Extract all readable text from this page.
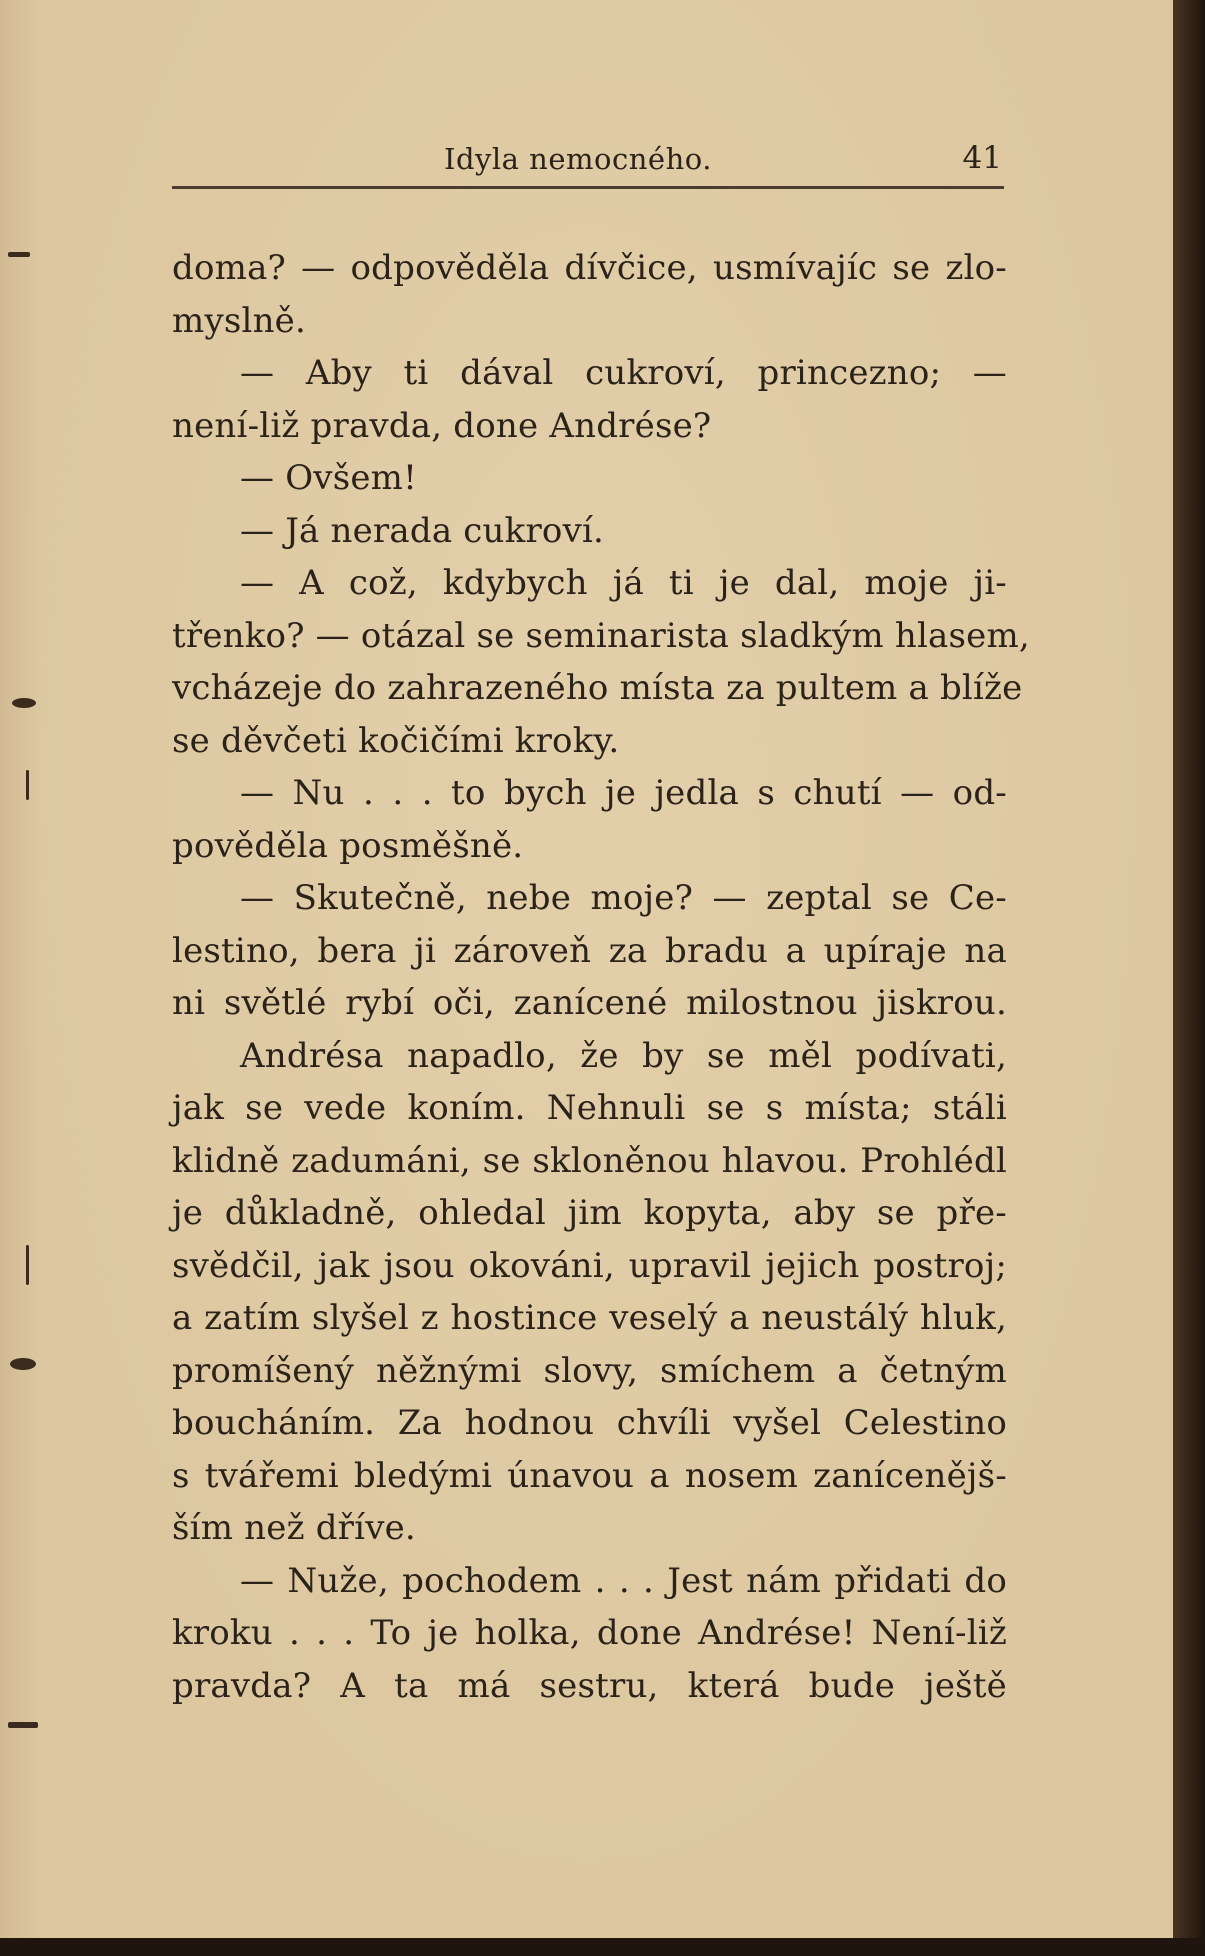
Idyla nemocného.	41
doma? — odpověděla dívčice, usmívajíc se zlo-
myslně.
— Aby ti dával cukroví, princezno; —
není-liž pravda, done Andrése?
— Ovšem!
— Já nerada cukroví.
— A což, kdybych já ti je dal, moje ji-
třenko? — otázal se seminarista sladkým hlasem,
vcházeje do zahrazeného místa za pultem a blíže
se děvčeti kočičími kroky.
— Nu . . . to bych je jedla s chutí — od-
pověděla posměšně.
— Skutečně, nebe moje? — zeptal se Ce-
lestino, bera ji zároveň za bradu a upíraje na
ni světlé rybí oči, zanícené milostnou jiskrou.
Andrésa napadlo, že by se měl podívati,
jak se vede koním. Nehnuli se s místa; stáli
klidně zadumáni, se skloněnou hlavou. Prohlédl
je důkladně, ohledal jim kopyta, aby se pře-
svědčil, jak jsou okováni, upravil jejich postroj;
a zatím slyšel z hostince veselý a neustálý hluk,
promíšený něžnými slovy, smíchem a četným
boucháním. Za hodnou chvíli vyšel Celestino
s tvářemi bledými únavou a nosem zanícenějš-
ším než dříve.
— Nuže, pochodem . . . Jest nám přidati do
kroku . . . To je holka, done Andrése! Není-liž
pravda? A ta má sestru, která bude ještě
